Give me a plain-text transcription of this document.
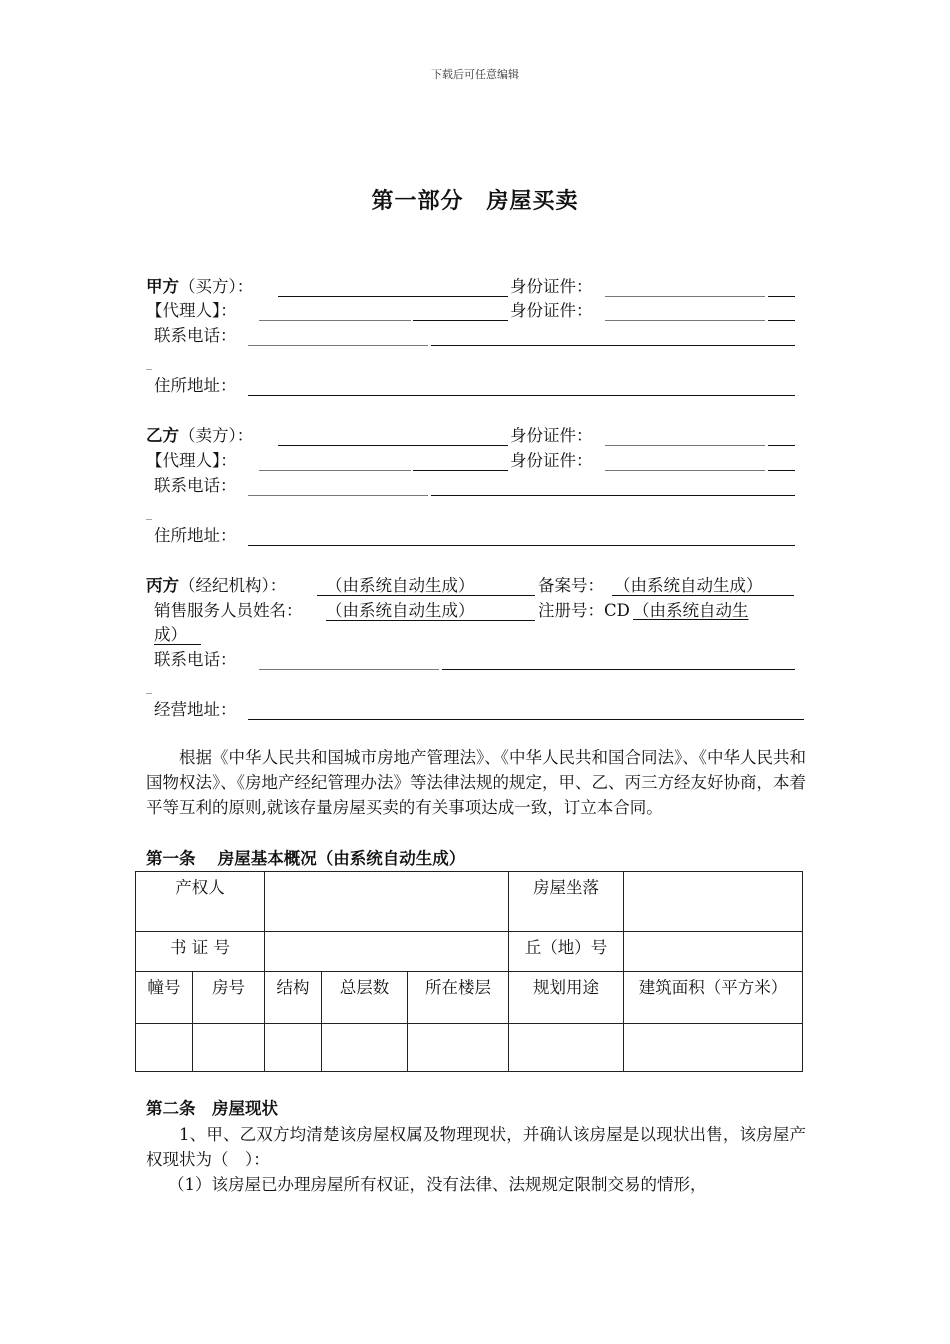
下载后可任意编辑
第一部分　房屋买卖
甲方（买方）：	身份证件：
【代理人】：	身份证件：
联系电话：
_
住所地址：
乙方（卖方）：	身份证件：
【代理人】：	身份证件：
联系电话：
_
住所地址：
丙方（经纪机构）： （由系统自动生成）	备案号： （由系统自动生成）
销售服务人员姓名： （由系统自动生成）	注册号：CD （由系统自动生
成）
联系电话：
_
经营地址：
根据《中华人民共和国城市房地产管理法》、《中华人民共和国合同法》、《中华人民共和国物权法》、《房地产经纪管理办法》等法律法规的规定，甲、乙、丙三方经友好协商，本着平等互利的原则,就该存量房屋买卖的有关事项达成一致，订立本合同。
第一条　 房屋基本概况（由系统自动生成）
产权人					房屋坐落	
书 证 号					丘（地）号	
幢号	房号	结构	总层数	所在楼层	规划用途	建筑面积（平方米）

第二条　房屋现状
1、甲、乙双方均清楚该房屋权属及物理现状，并确认该房屋是以现状出售，该房屋产权现状为（　）：
（1）该房屋已办理房屋所有权证，没有法律、法规规定限制交易的情形，
